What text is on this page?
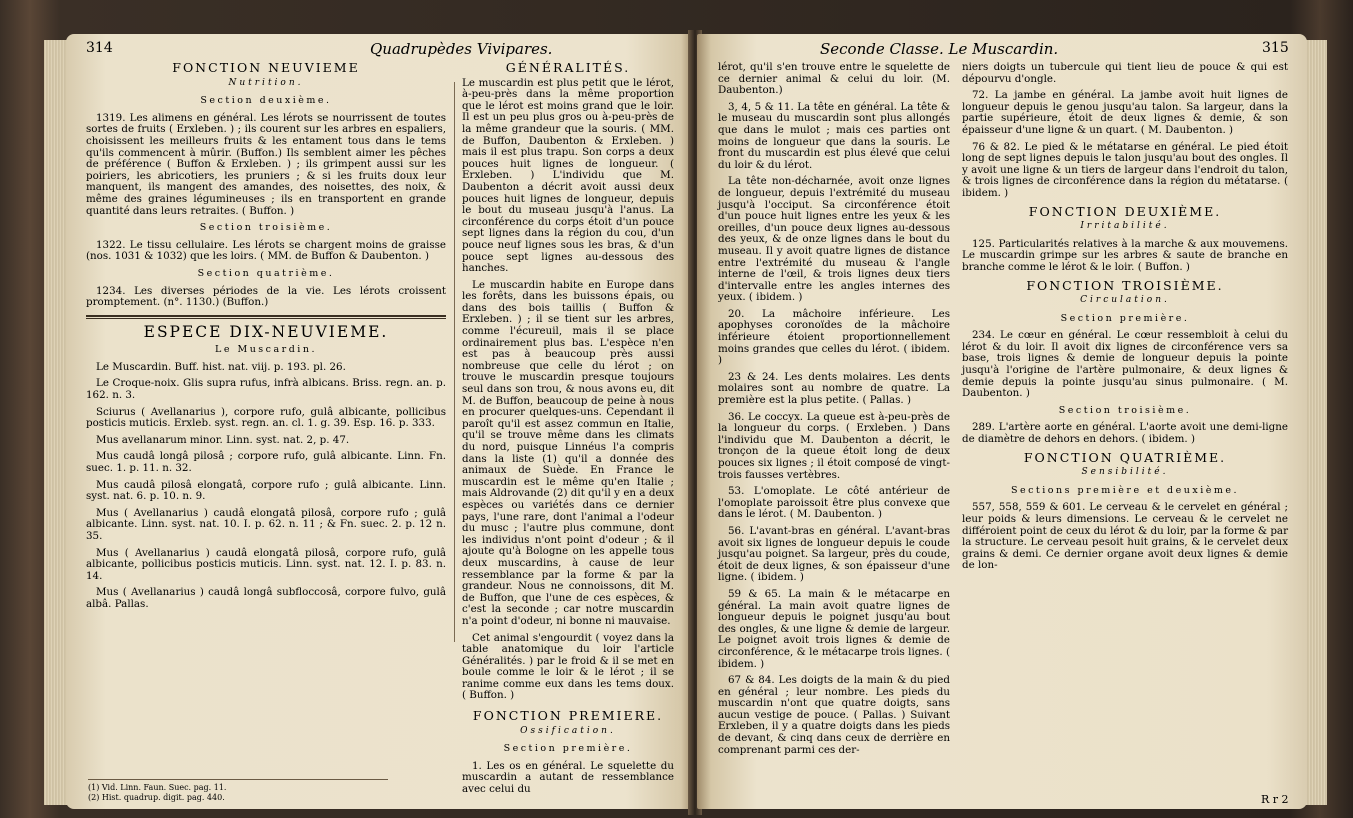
314	Quadrupèdes Vivipares.
FONCTION NEUVIEME
Nutrition.
Section deuxième.

1319. Les alimens en général. Les lérots se nourrissent de toutes sortes de fruits ( Erxleben. ) ; ils courent sur les arbres en espaliers, choisissent les meilleurs fruits & les entament tous dans le tems qu'ils commencent à mûrir. (Buffon.) Ils semblent aimer les pêches de préférence ( Buffon & Erxleben. ) ; ils grimpent aussi sur les poiriers, les abricotiers, les pruniers ; & si les fruits doux leur manquent, ils mangent des amandes, des noisettes, des noix, & même des graines légumineuses ; ils en transportent en grande quantité dans leurs retraites. ( Buffon. )

Section troisième.

1322. Le tissu cellulaire. Les lérots se chargent moins de graisse (nos. 1031 & 1032) que les loirs. ( MM. de Buffon & Daubenton. )

Section quatrième.

1234. Les diverses périodes de la vie. Les lérots croissent promptement. (n°. 1130.) (Buffon.)

ESPECE DIX-NEUVIEME.
Le Muscardin.

Le Muscardin. Buff. hist. nat. viij. p. 193. pl. 26.

Le Croque-noix. Glis supra rufus, infrà albicans. Briss. regn. an. p. 162. n. 3.

Sciurus ( Avellanarius ), corpore rufo, gulâ albicante, pollicibus posticis muticis. Erxleb. syst. regn. an. cl. 1. g. 39. Esp. 16. p. 333.

Mus avellanarum minor. Linn. syst. nat. 2, p. 47.

Mus caudâ longâ pilosâ ; corpore rufo, gulâ albicante. Linn. Fn. suec. 1. p. 11. n. 32.

Mus caudâ pilosâ elongatâ, corpore rufo ; gulâ albicante. Linn. syst. nat. 6. p. 10. n. 9.

Mus ( Avellanarius ) caudâ elongatâ pilosâ, corpore rufo ; gulâ albicante. Linn. syst. nat. 10. I. p. 62. n. 11 ; & Fn. suec. 2. p. 12 n. 35.

Mus ( Avellanarius ) caudâ elongatâ pilosâ, corpore rufo, gulâ albicante, pollicibus posticis muticis. Linn. syst. nat. 12. I. p. 83. n. 14.

Mus ( Avellanarius ) caudâ longâ subfloccosâ, corpore fulvo, gulâ albâ. Pallas.

GÉNÉRALITÉS.

Le muscardin est plus petit que le lérot, à-peu-près dans la même proportion que le lérot est moins grand que le loir. Il est un peu plus gros ou à-peu-près de la même grandeur que la souris. ( MM. de Buffon, Daubenton & Erxleben. ) mais il est plus trapu. Son corps a deux pouces huit lignes de longueur. ( Erxleben. ) L'individu que M. Daubenton a décrit avoit aussi deux pouces huit lignes de longueur, depuis le bout du museau jusqu'à l'anus. La circonférence du corps étoit d'un pouce sept lignes dans la région du cou, d'un pouce neuf lignes sous les bras, & d'un pouce sept lignes au-dessous des hanches.

Le muscardin habite en Europe dans les forêts, dans les buissons épais, ou dans des bois taillis ( Buffon & Erxleben. ) ; il se tient sur les arbres, comme l'écureuil, mais il se place ordinairement plus bas. L'espèce n'en est pas à beaucoup près aussi nombreuse que celle du lérot ; on trouve le muscardin presque toujours seul dans son trou, & nous avons eu, dit M. de Buffon, beaucoup de peine à nous en procurer quelques-uns. Cependant il paroît qu'il est assez commun en Italie, qu'il se trouve même dans les climats du nord, puisque Linnéus l'a compris dans la liste (1) qu'il a donnée des animaux de Suède. En France le muscardin est le même qu'en Italie ; mais Aldrovande (2) dit qu'il y en a deux espèces ou variétés dans ce dernier pays, l'une rare, dont l'animal a l'odeur du musc ; l'autre plus commune, dont les individus n'ont point d'odeur ; & il ajoute qu'à Bologne on les appelle tous deux muscardins, à cause de leur ressemblance par la forme & par la grandeur. Nous ne connoissons, dit M. de Buffon, que l'une de ces espèces, & c'est la seconde ; car notre muscardin n'a point d'odeur, ni bonne ni mauvaise.

Cet animal s'engourdit ( voyez dans la table anatomique du loir l'article Généralités. ) par le froid & il se met en boule comme le loir & le lérot ; il se ranime comme eux dans les tems doux. ( Buffon. )

FONCTION PREMIERE.
Ossification.
Section première.

1. Les os en général. Le squelette du muscardin a autant de ressemblance avec celui du

(1) Vid. Linn. Faun. Suec. pag. 11.
(2) Hist. quadrup. digit. pag. 440.
Seconde Classe. Le Muscardin.	315

lérot, qu'il s'en trouve entre le squelette de ce dernier animal & celui du loir. (M. Daubenton.)

3, 4, 5 & 11. La tête en général. La tête & le museau du muscardin sont plus allongés que dans le mulot ; mais ces parties ont moins de longueur que dans la souris. Le front du muscardin est plus élevé que celui du loir & du lérot.

La tête non-décharnée, avoit onze lignes de longueur, depuis l'extrémité du museau jusqu'à l'occiput. Sa circonférence étoit d'un pouce huit lignes entre les yeux & les oreilles, d'un pouce deux lignes au-dessous des yeux, & de onze lignes dans le bout du museau. Il y avoit quatre lignes de distance entre l'extrémité du museau & l'angle interne de l'œil, & trois lignes deux tiers d'intervalle entre les angles internes des yeux. ( ibidem. )

20. La mâchoire inférieure. Les apophyses coronoïdes de la mâchoire inférieure étoient proportionnellement moins grandes que celles du lérot. ( ibidem. )

23 & 24. Les dents molaires. Les dents molaires sont au nombre de quatre. La première est la plus petite. ( Pallas. )

36. Le coccyx. La queue est à-peu-près de la longueur du corps. ( Erxleben. ) Dans l'individu que M. Daubenton a décrit, le tronçon de la queue étoit long de deux pouces six lignes ; il étoit composé de vingt-trois fausses vertèbres.

53. L'omoplate. Le côté antérieur de l'omoplate paroissoit être plus convexe que dans le lérot. ( M. Daubenton. )

56. L'avant-bras en général. L'avant-bras avoit six lignes de longueur depuis le coude jusqu'au poignet. Sa largeur, près du coude, étoit de deux lignes, & son épaisseur d'une ligne. ( ibidem. )

59 & 65. La main & le métacarpe en général. La main avoit quatre lignes de longueur depuis le poignet jusqu'au bout des ongles, & une ligne & demie de largeur. Le poignet avoit trois lignes & demie de circonférence, & le métacarpe trois lignes. ( ibidem. )

67 & 84. Les doigts de la main & du pied en général ; leur nombre. Les pieds du muscardin n'ont que quatre doigts, sans aucun vestige de pouce. ( Pallas. ) Suivant Erxleben, il y a quatre doigts dans les pieds de devant, & cinq dans ceux de derrière en comprenant parmi ces der-

niers doigts un tubercule qui tient lieu de pouce & qui est dépourvu d'ongle.

72. La jambe en général. La jambe avoit huit lignes de longueur depuis le genou jusqu'au talon. Sa largeur, dans la partie supérieure, étoit de deux lignes & demie, & son épaisseur d'une ligne & un quart. ( M. Daubenton. )

76 & 82. Le pied & le métatarse en général. Le pied étoit long de sept lignes depuis le talon jusqu'au bout des ongles. Il y avoit une ligne & un tiers de largeur dans l'endroit du talon, & trois lignes de circonférence dans la région du métatarse. ( ibidem. )

FONCTION DEUXIÈME.
Irritabilité.

125. Particularités relatives à la marche & aux mouvemens. Le muscardin grimpe sur les arbres & saute de branche en branche comme le lérot & le loir. ( Buffon. )

FONCTION TROISIÈME.
Circulation.
Section première.

234. Le cœur en général. Le cœur ressembloit à celui du lérot & du loir. Il avoit dix lignes de circonférence vers sa base, trois lignes & demie de longueur depuis la pointe jusqu'à l'origine de l'artère pulmonaire, & deux lignes & demie depuis la pointe jusqu'au sinus pulmonaire. ( M. Daubenton. )

Section troisième.

289. L'artère aorte en général. L'aorte avoit une demi-ligne de diamètre de dehors en dehors. ( ibidem. )

FONCTION QUATRIÈME.
Sensibilité.
Sections première et deuxième.

557, 558, 559 & 601. Le cerveau & le cervelet en général ; leur poids & leurs dimensions. Le cerveau & le cervelet ne différoient point de ceux du lérot & du loir, par la forme & par la structure. Le cerveau pesoit huit grains, & le cervelet deux grains & demi. Ce dernier organe avoit deux lignes & demie de lon-

R r 2
